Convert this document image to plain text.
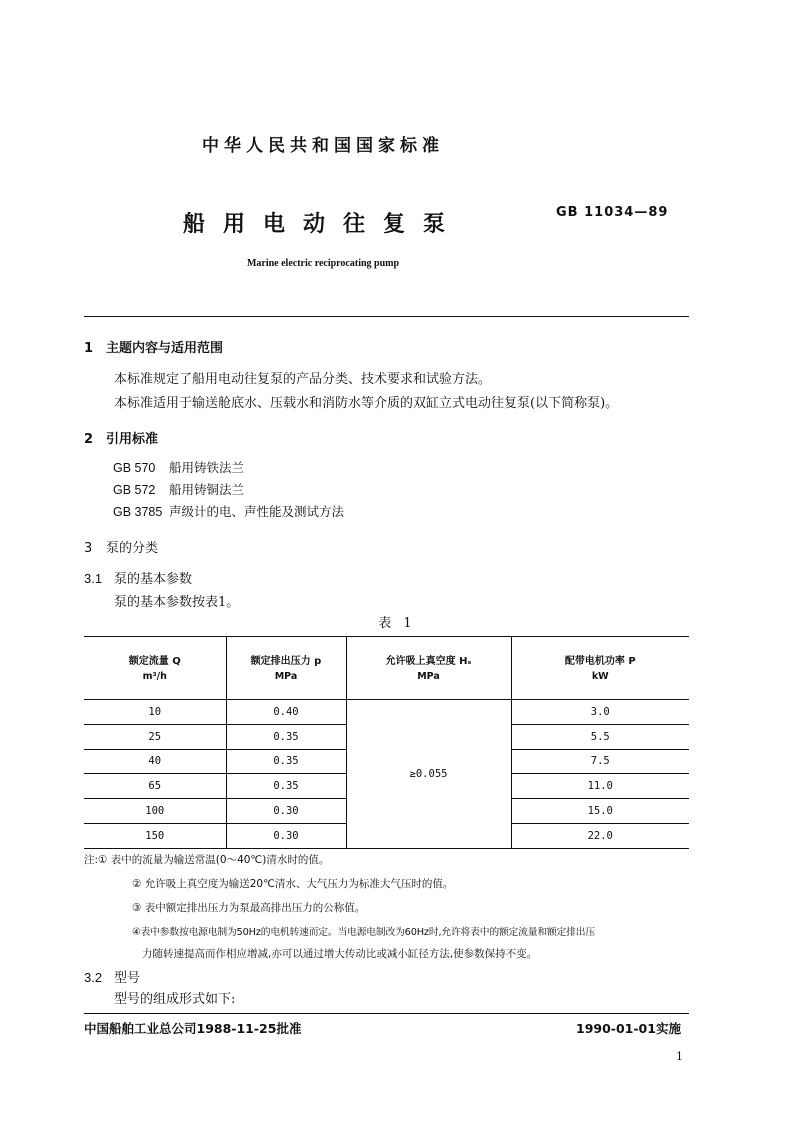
中华人民共和国国家标准
船用电动往复泵	GB 11034—89
Marine electric reciprocating pump
1 主题内容与适用范围
本标准规定了船用电动往复泵的产品分类、技术要求和试验方法。
本标准适用于输送舱底水、压载水和消防水等介质的双缸立式电动往复泵(以下简称泵)。
2 引用标准
GB 570 船用铸铁法兰
GB 572 船用铸铜法兰
GB 3785 声级计的电、声性能及测试方法
3 泵的分类
3.1 泵的基本参数
泵的基本参数按表1。
表 1
额定流量 Q	额定排出压力 p	允许吸上真空度 Hₛ	配带电机功率 P
m³/h	MPa	MPa	kW
10	0.40	≥0.055	3.0
25	0.35		5.5
40	0.35		7.5
65	0.35		11.0
100	0.30		15.0
150	0.30		22.0
注:① 表中的流量为输送常温(0～40℃)清水时的值。
② 允许吸上真空度为输送20℃清水、大气压力为标准大气压时的值。
③ 表中额定排出压力为泵最高排出压力的公称值。
④表中参数按电源电制为50Hz的电机转速而定。当电源电制改为60Hz时,允许将表中的额定流量和额定排出压
力随转速提高而作相应增减,亦可以通过增大传动比或减小缸径方法,使参数保持不变。
3.2 型号
型号的组成形式如下:
中国船舶工业总公司1988-11-25批准	1990-01-01实施
1
